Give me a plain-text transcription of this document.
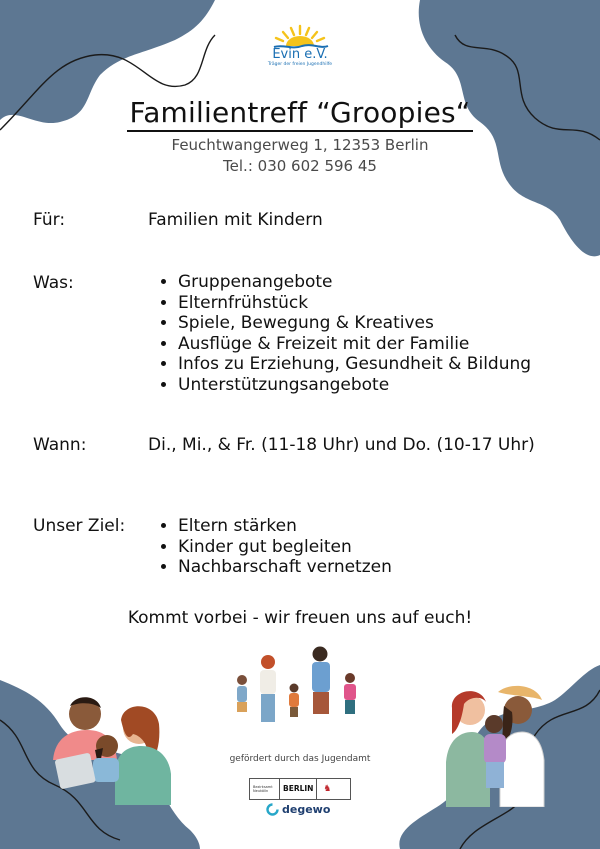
Evin e.V.
Träger der freien Jugendhilfe
Familientreff “Groopies“
Feuchtwangerweg 1, 12353 Berlin
Tel.: 030 602 596 45
Für:	Familien mit Kindern
Was:	• Gruppenangebote
• Elternfrühstück
• Spiele, Bewegung & Kreatives
• Ausflüge & Freizeit mit der Familie
• Infos zu Erziehung, Gesundheit & Bildung
• Unterstützungsangebote
Wann:	Di., Mi., & Fr. (11-18 Uhr) und Do. (10-17 Uhr)
Unser Ziel:	• Eltern stärken
• Kinder gut begleiten
• Nachbarschaft vernetzen
Kommt vorbei - wir freuen uns auf euch!
gefördert durch das Jugendamt
Bezirksamt Neukölln	BERLIN	♞
degewo
